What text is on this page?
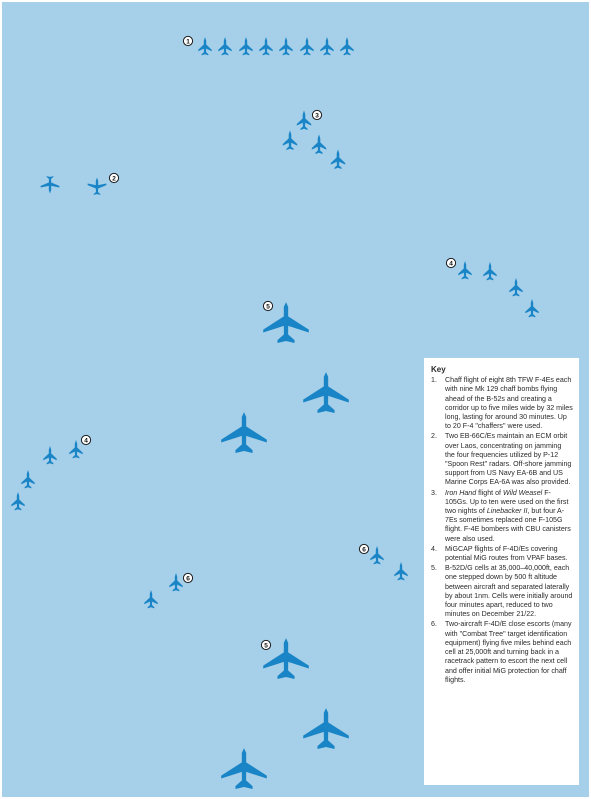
1
3
2
4
5
4
6
6
5
Key
1. Chaff flight of eight 8th TFW F-4Es each with nine Mk 129 chaff bombs flying ahead of the B-52s and creating a corridor up to five miles wide by 32 miles long, lasting for around 30 minutes. Up to 20 F-4 "chaffers" were used.
2. Two EB-66C/Es maintain an ECM orbit over Laos, concentrating on jamming the four frequencies utilized by P-12 "Spoon Rest" radars. Off-shore jamming support from US Navy EA-6B and US Marine Corps EA-6A was also provided.
3. Iron Hand flight of Wild Weasel F-105Gs. Up to ten were used on the first two nights of Linebacker II, but four A-7Es sometimes replaced one F-105G flight. F-4E bombers with CBU canisters were also used.
4. MiGCAP flights of F-4D/Es covering potential MiG routes from VPAF bases.
5. B-52D/G cells at 35,000–40,000ft, each one stepped down by 500 ft altitude between aircraft and separated laterally by about 1nm. Cells were initially around four minutes apart, reduced to two minutes on December 21/22.
6. Two-aircraft F-4D/E close escorts (many with "Combat Tree" target identification equipment) flying five miles behind each cell at 25,000ft and turning back in a racetrack pattern to escort the next cell and offer initial MiG protection for chaff flights.
